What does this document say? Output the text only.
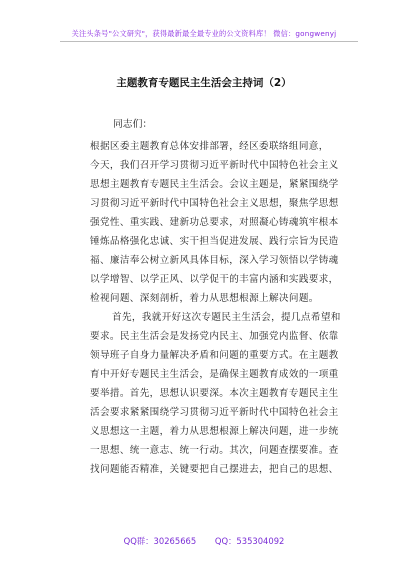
关注头条号"公文研究"，获得最新最全最专业的公文资料库！ 微信：gongwenyj
主题教育专题民主生活会主持词（2）
同志们：
根据区委主题教育总体安排部署，经区委联络组同意，
今天，我们召开学习贯彻习近平新时代中国特色社会主义
思想主题教育专题民主生活会。会议主题是，紧紧围绕学
习贯彻习近平新时代中国特色社会主义思想，聚焦学思想
强党性、重实践、建新功总要求，对照凝心铸魂筑牢根本
锤炼品格强化忠诚、实干担当促进发展、践行宗旨为民造
福、廉洁奉公树立新风具体目标，深入学习领悟以学铸魂
以学增智、以学正风、以学促干的丰富内涵和实践要求，
检视问题、深刻剖析，着力从思想根源上解决问题。
首先，我就开好这次专题民主生活会，提几点希望和
要求。民主生活会是发扬党内民主、加强党内监督、依靠
领导班子自身力量解决矛盾和问题的重要方式。在主题教
育中开好专题民主生活会，是确保主题教育成效的一项重
要举措。首先，思想认识要深。本次主题教育专题民主生
活会要求紧紧围绕学习贯彻习近平新时代中国特色社会主
义思想这一主题，着力从思想根源上解决问题，进一步统
一思想、统一意志、统一行动。其次，问题查摆要准。查
找问题能否精准，关键要把自己摆进去，把自己的思想、
QQ群：30265665 QQ：535304092
